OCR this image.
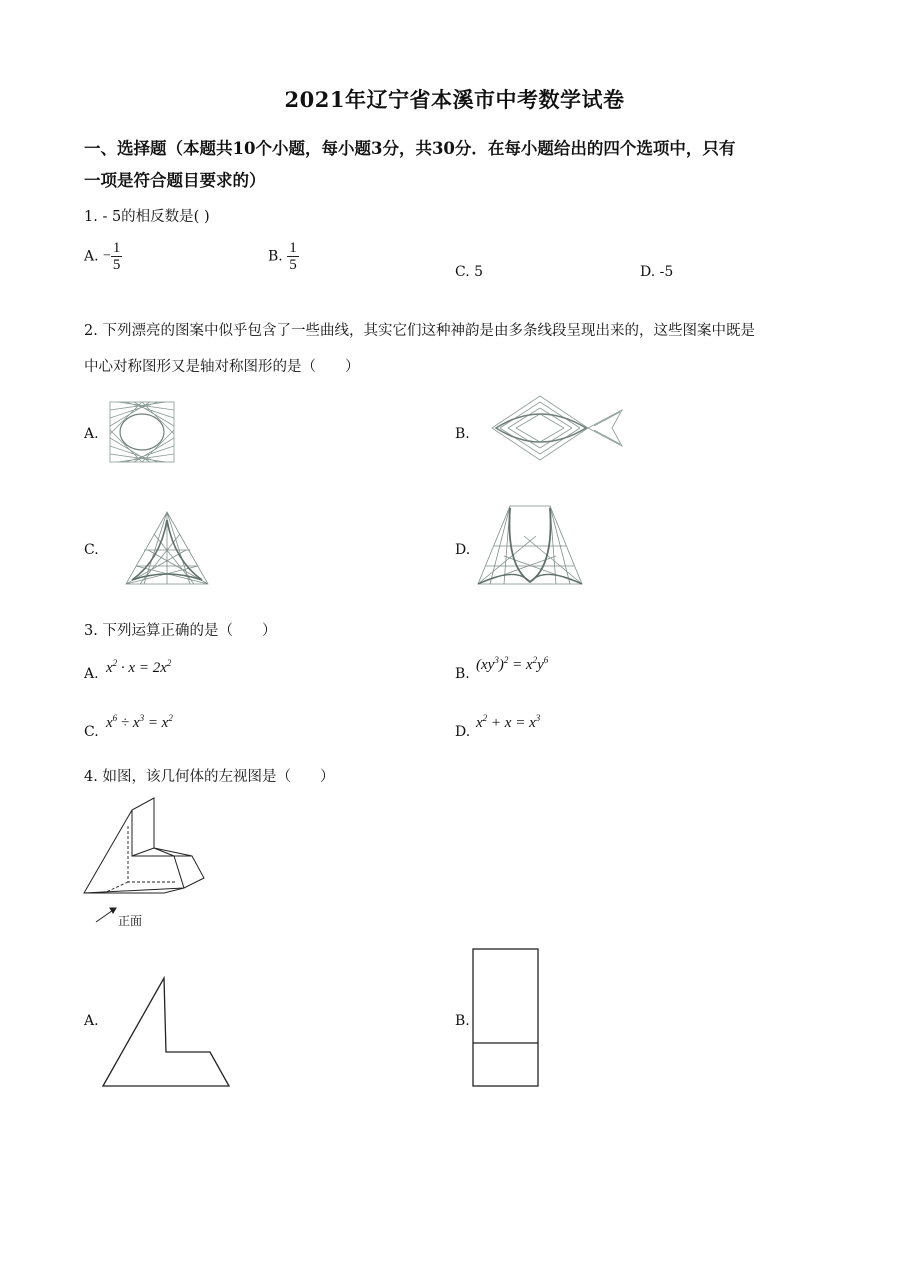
2021年辽宁省本溪市中考数学试卷
一、选择题（本题共10个小题，每小题3分，共30分．在每小题给出的四个选项中，只有
一项是符合题目要求的）
1. - 5的相反数是( )
A. − $\frac{1}{5}$	B. $\frac{1}{5}$	C. 5	D. -5
2. 下列漂亮的图案中似乎包含了一些曲线，其实它们这种神韵是由多条线段呈现出来的，这些图案中既是
中心对称图形又是轴对称图形的是（　　）
A.	B.
C.	D.
3. 下列运算正确的是（　　）
A. $x^2 \cdot x = 2x^2$
B.
$(xy^3)^2 = x^2y^6$
C.
$x^6 \div x^3 = x^2$
D.
$x^2 + x = x^3$
4. 如图，该几何体的左视图是（　　）
正面
A.	B.
